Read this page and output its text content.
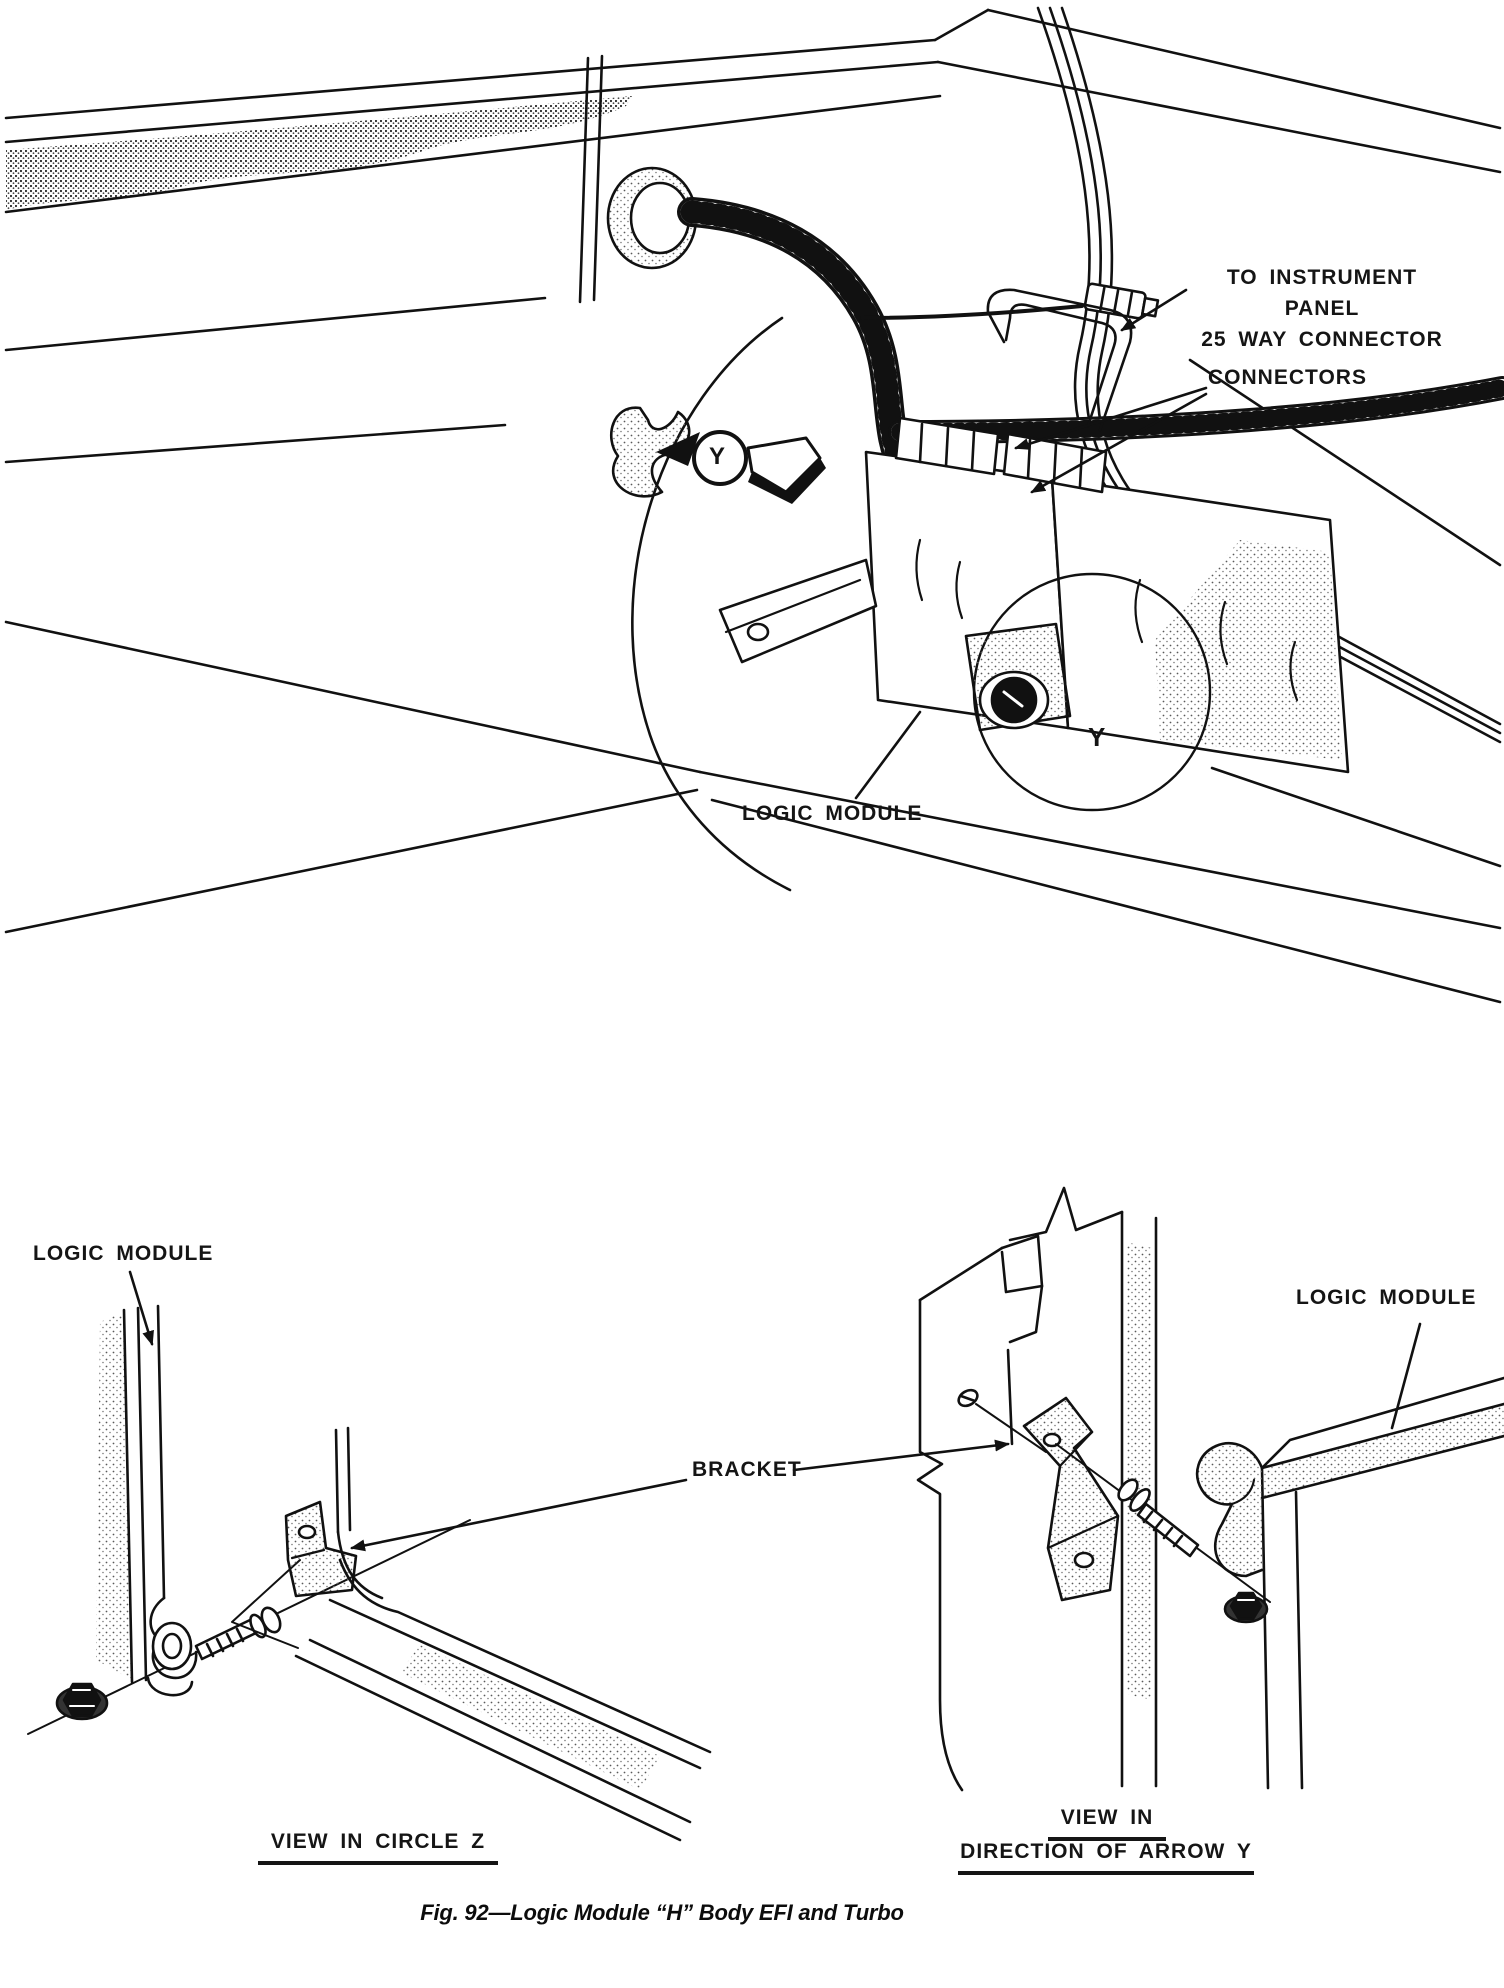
TO INSTRUMENT PANEL
25 WAY CONNECTOR
CONNECTORS
LOGIC MODULE
Y
Y
LOGIC MODULE
BRACKET
LOGIC MODULE
VIEW IN CIRCLE Z
VIEW IN
DIRECTION OF ARROW Y
Fig. 92—Logic Module “H” Body EFI and Turbo
